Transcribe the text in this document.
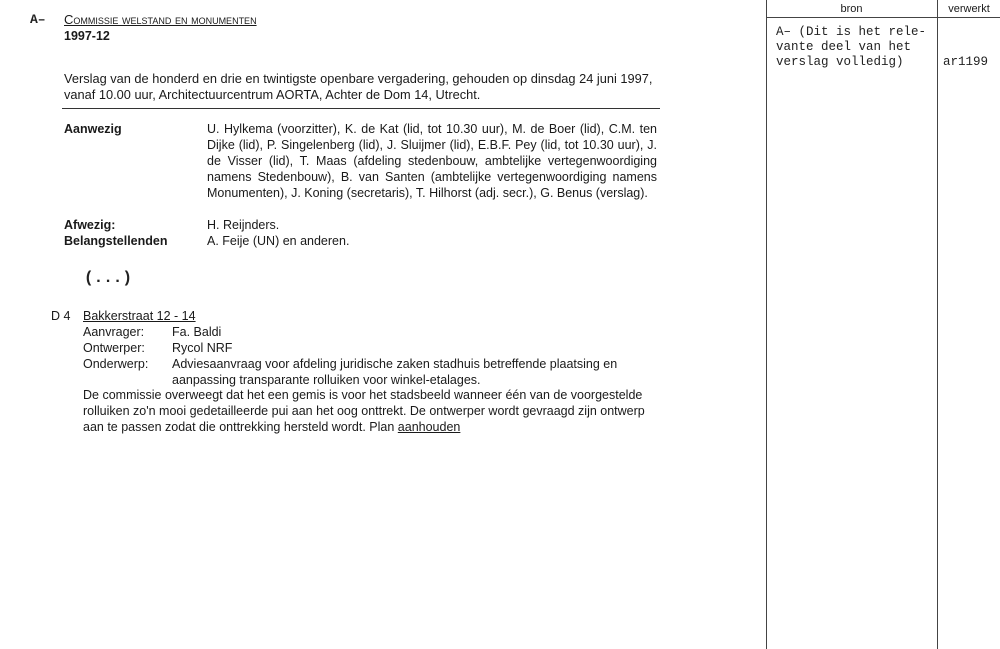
bron	verwerkt
A– (Dit is het rele-
vante deel van het
verslag volledig)	ar1199
A– Commissie welstand en monumenten
1997-12
Verslag van de honderd en drie en twintigste openbare vergadering, gehouden op dinsdag 24 juni 1997, vanaf 10.00 uur, Architectuurcentrum AORTA, Achter de Dom 14, Utrecht.
Aanwezig	U. Hylkema (voorzitter), K. de Kat (lid, tot 10.30 uur), M. de Boer (lid), C.M. ten Dijke (lid), P. Singelenberg (lid), J. Sluijmer (lid), E.B.F. Pey (lid, tot 10.30 uur), J. de Visser (lid), T. Maas (afdeling stedenbouw, ambtelijke vertegenwoordiging namens Stedenbouw), B. van Santen (ambtelijke vertegenwoordiging namens Monumenten), J. Koning (secretaris), T. Hilhorst (adj. secr.), G. Benus (verslag).
Afwezig:	H. Reijnders.
Belangstellenden	A. Feije (UN) en anderen.
(...)
D 4 Bakkerstraat 12 - 14
Aanvrager: Fa. Baldi
Ontwerper: Rycol NRF
Onderwerp: Adviesaanvraag voor afdeling juridische zaken stadhuis betreffende plaatsing en aanpassing transparante rolluiken voor winkel-etalages.
De commissie overweegt dat het een gemis is voor het stadsbeeld wanneer één van de voorgestelde rolluiken zo'n mooi gedetailleerde pui aan het oog onttrekt. De ontwerper wordt gevraagd zijn ontwerp aan te passen zodat die onttrekking hersteld wordt. Plan aanhouden
